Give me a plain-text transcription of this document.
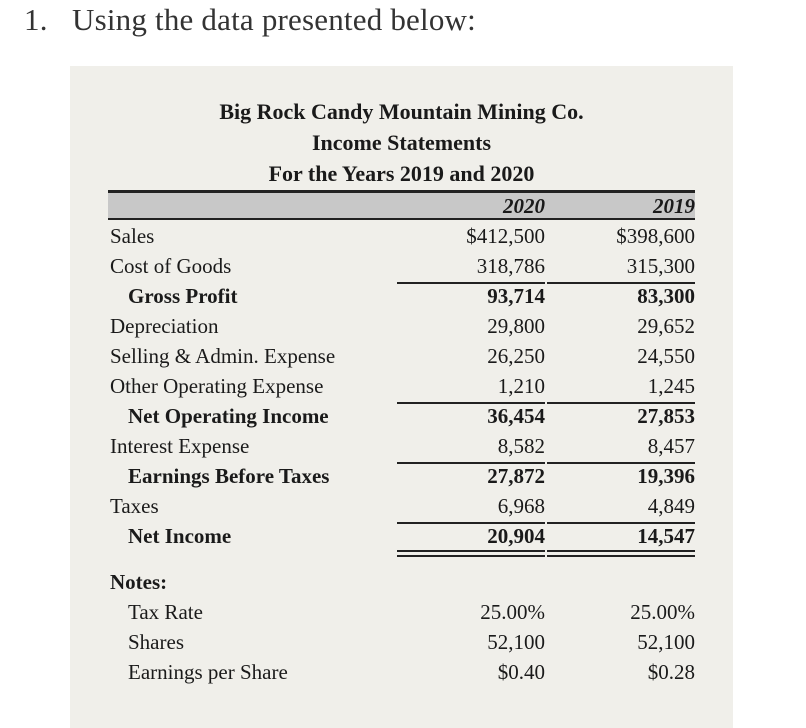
1. Using the data presented below:
Big Rock Candy Mountain Mining Co.
Income Statements
For the Years 2019 and 2020
2020	2019
Sales	$412,500	$398,600
Cost of Goods	318,786	315,300
Gross Profit	93,714	83,300
Depreciation	29,800	29,652
Selling & Admin. Expense	26,250	24,550
Other Operating Expense	1,210	1,245
Net Operating Income	36,454	27,853
Interest Expense	8,582	8,457
Earnings Before Taxes	27,872	19,396
Taxes	6,968	4,849
Net Income	20,904	14,547
Notes:
Tax Rate	25.00%	25.00%
Shares	52,100	52,100
Earnings per Share	$0.40	$0.28
